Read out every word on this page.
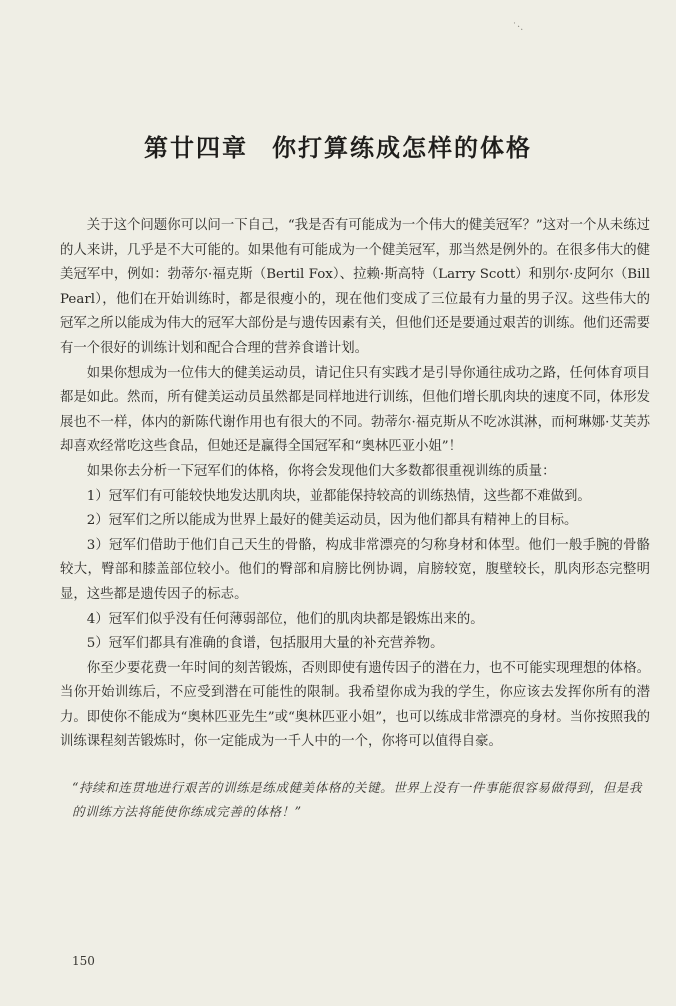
˙·.
第廿四章 你打算练成怎样的体格

关于这个问题你可以问一下自己，“我是否有可能成为一个伟大的健美冠军？”这对一个从未练过的人来讲，几乎是不大可能的。如果他有可能成为一个健美冠军，那当然是例外的。在很多伟大的健美冠军中，例如：勃蒂尔·福克斯（Bertil Fox）、拉赖·斯高特（Larry Scott）和别尔·皮阿尔（Bill Pearl），他们在开始训练时，都是很瘦小的，现在他们变成了三位最有力量的男子汉。这些伟大的冠军之所以能成为伟大的冠军大部份是与遗传因素有关，但他们还是要通过艰苦的训练。他们还需要有一个很好的训练计划和配合合理的营养食谱计划。

如果你想成为一位伟大的健美运动员，请记住只有实践才是引导你通往成功之路，任何体育项目都是如此。然而，所有健美运动员虽然都是同样地进行训练，但他们增长肌肉块的速度不同，体形发展也不一样，体内的新陈代谢作用也有很大的不同。勃蒂尔·福克斯从不吃冰淇淋，而柯琳娜·艾芙苏却喜欢经常吃这些食品，但她还是赢得全国冠军和“奥林匹亚小姐”！

如果你去分析一下冠军们的体格，你将会发现他们大多数都很重视训练的质量：

1）冠军们有可能较快地发达肌肉块，並都能保持较高的训练热情，这些都不难做到。

2）冠军们之所以能成为世界上最好的健美运动员，因为他们都具有精神上的目标。

3）冠军们借助于他们自己天生的骨骼，构成非常漂亮的匀称身材和体型。他们一般手腕的骨骼较大，臀部和膝盖部位较小。他们的臀部和肩膀比例协调，肩膀较宽，腹壁较长，肌肉形态完整明显，这些都是遗传因子的标志。

4）冠军们似乎没有任何薄弱部位，他们的肌肉块都是锻炼出来的。

5）冠军们都具有准确的食谱，包括服用大量的补充营养物。

你至少要花费一年时间的刻苦锻炼，否则即使有遗传因子的潜在力，也不可能实现理想的体格。当你开始训练后，不应受到潜在可能性的限制。我希望你成为我的学生，你应该去发挥你所有的潜力。即使你不能成为“奥林匹亚先生”或“奥林匹亚小姐”，也可以练成非常漂亮的身材。当你按照我的训练课程刻苦锻炼时，你一定能成为一千人中的一个，你将可以值得自豪。

“持续和连贯地进行艰苦的训练是练成健美体格的关键。世界上没有一件事能很容易做得到，但是我的训练方法将能使你练成完善的体格！”
150
